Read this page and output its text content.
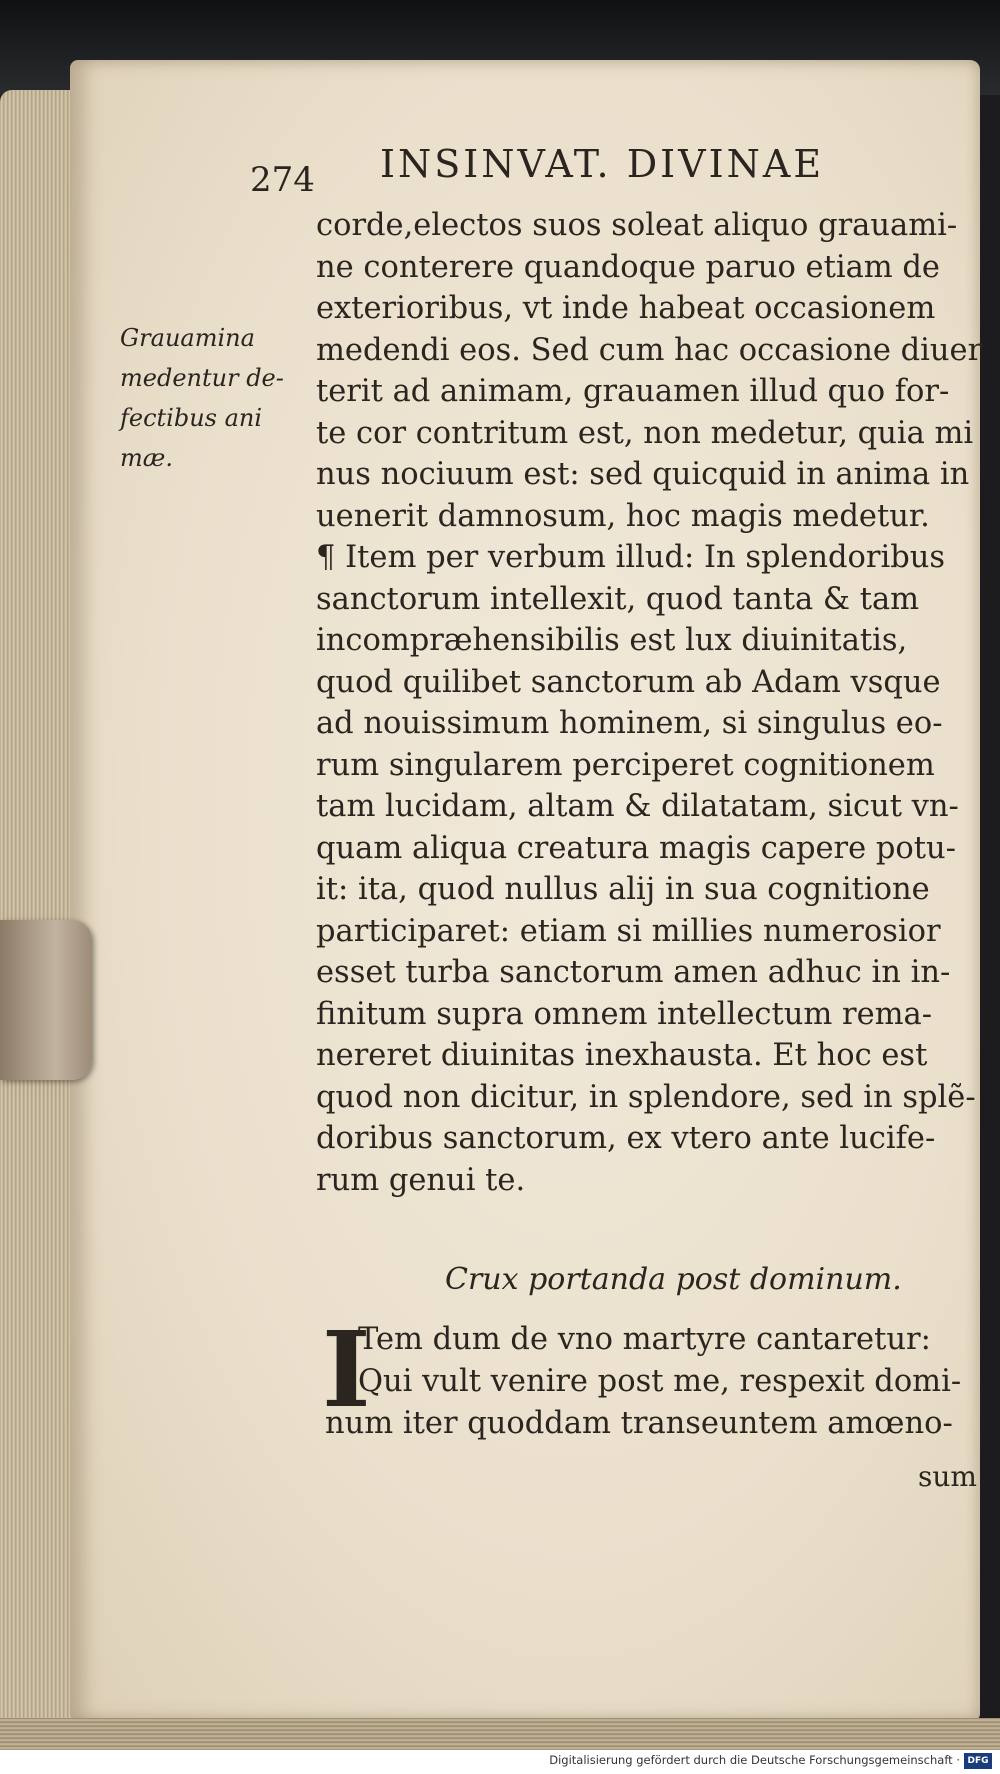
274 INSINVAT. DIVINAE
Grauamina
medentur de-
fectibus ani
mæ.
corde,electos suos soleat aliquo grauami-
ne conterere quandoque paruo etiam de
exterioribus, vt inde habeat occasionem
medendi eos. Sed cum hac occasione diuer
terit ad animam, grauamen illud quo for-
te cor contritum est, non medetur, quia mi
nus nociuum est: sed quicquid in anima in
uenerit damnosum, hoc magis medetur.
¶ Item per verbum illud: In splendoribus
sanctorum intellexit, quod tanta & tam
incompræhensibilis est lux diuinitatis,
quod quilibet sanctorum ab Adam vsque
ad nouissimum hominem, si singulus eo-
rum singularem perciperet cognitionem
tam lucidam, altam & dilatatam, sicut vn-
quam aliqua creatura magis capere potu-
it: ita, quod nullus alij in sua cognitione
participaret: etiam si millies numerosior
esset turba sanctorum amen adhuc in in-
finitum supra omnem intellectum rema-
nereret diuinitas inexhausta. Et hoc est
quod non dicitur, in splendore, sed in splẽ-
doribus sanctorum, ex vtero ante lucife-
rum genui te.
Crux portanda post dominum.
I
Tem dum de vno martyre cantaretur:
Qui vult venire post me, respexit domi-
num iter quoddam transeuntem amœno-
sum
Digitalisierung gefördert durch die Deutsche Forschungsgemeinschaft · DFG
